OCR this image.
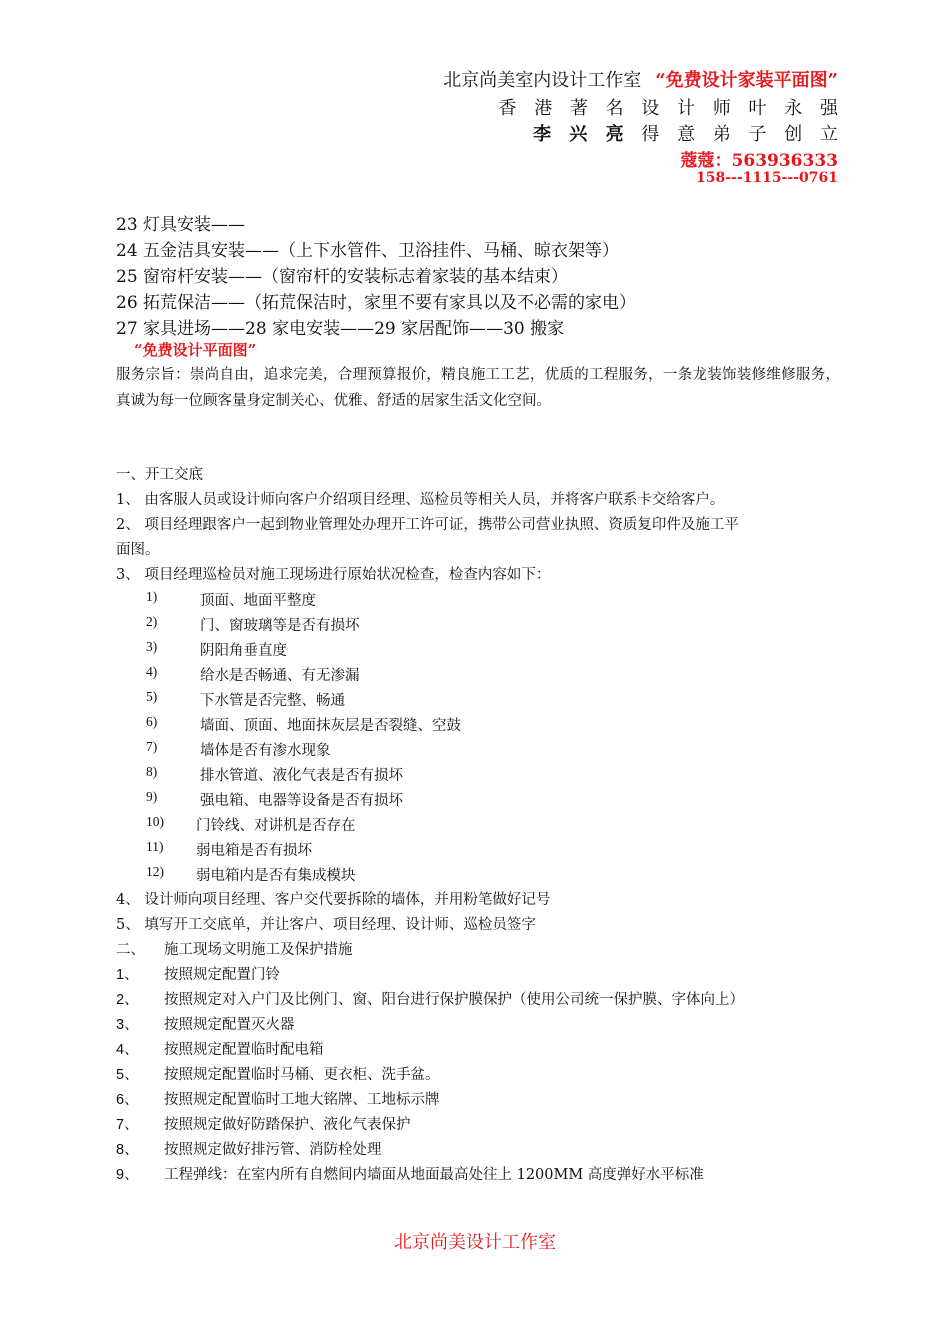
北京尚美室内设计工作室 “免费设计家装平面图”
香 港 著 名 设 计 师 叶 永 强
李 兴 亮 得 意 弟 子 创 立
蔻蔻：563936333
158---1115---0761
23 灯具安装——
24 五金洁具安装——（上下水管件、卫浴挂件、马桶、晾衣架等）
25 窗帘杆安装——（窗帘杆的安装标志着家装的基本结束）
26 拓荒保洁——（拓荒保洁时，家里不要有家具以及不必需的家电）
27 家具进场——28 家电安装——29 家居配饰——30 搬家
“免费设计平面图”
服务宗旨：崇尚自由，追求完美，合理预算报价，精良施工工艺，优质的工程服务，一条龙装饰装修维修服务，真诚为每一位顾客量身定制关心、优雅、舒适的居家生活文化空间。
一、开工交底
1、 由客服人员或设计师向客户介绍项目经理、巡检员等相关人员，并将客户联系卡交给客户。
2、 项目经理跟客户一起到物业管理处办理开工许可证，携带公司营业执照、资质复印件及施工平
面图。
3、 项目经理巡检员对施工现场进行原始状况检查，检查内容如下：
1)	顶面、地面平整度
2)	门、窗玻璃等是否有损坏
3)	阴阳角垂直度
4)	给水是否畅通、有无渗漏
5)	下水管是否完整、畅通
6)	墙面、顶面、地面抹灰层是否裂缝、空鼓
7)	墙体是否有渗水现象
8)	排水管道、液化气表是否有损坏
9)	强电箱、电器等设备是否有损坏
10) 门铃线、对讲机是否存在
11) 弱电箱是否有损坏
12) 弱电箱内是否有集成模块
4、 设计师向项目经理、客户交代要拆除的墙体，并用粉笔做好记号
5、 填写开工交底单，并让客户、项目经理、设计师、巡检员签字
二、 施工现场文明施工及保护措施
1、 按照规定配置门铃
2、 按照规定对入户门及比例门、窗、阳台进行保护膜保护（使用公司统一保护膜、字体向上）
3、 按照规定配置灭火器
4、 按照规定配置临时配电箱
5、 按照规定配置临时马桶、更衣柜、洗手盆。
6、 按照规定配置临时工地大铭牌、工地标示牌
7、 按照规定做好防踏保护、液化气表保护
8、 按照规定做好排污管、消防栓处理
9、 工程弹线：在室内所有自燃间内墙面从地面最高处往上 1200MM 高度弹好水平标准
北京尚美设计工作室
